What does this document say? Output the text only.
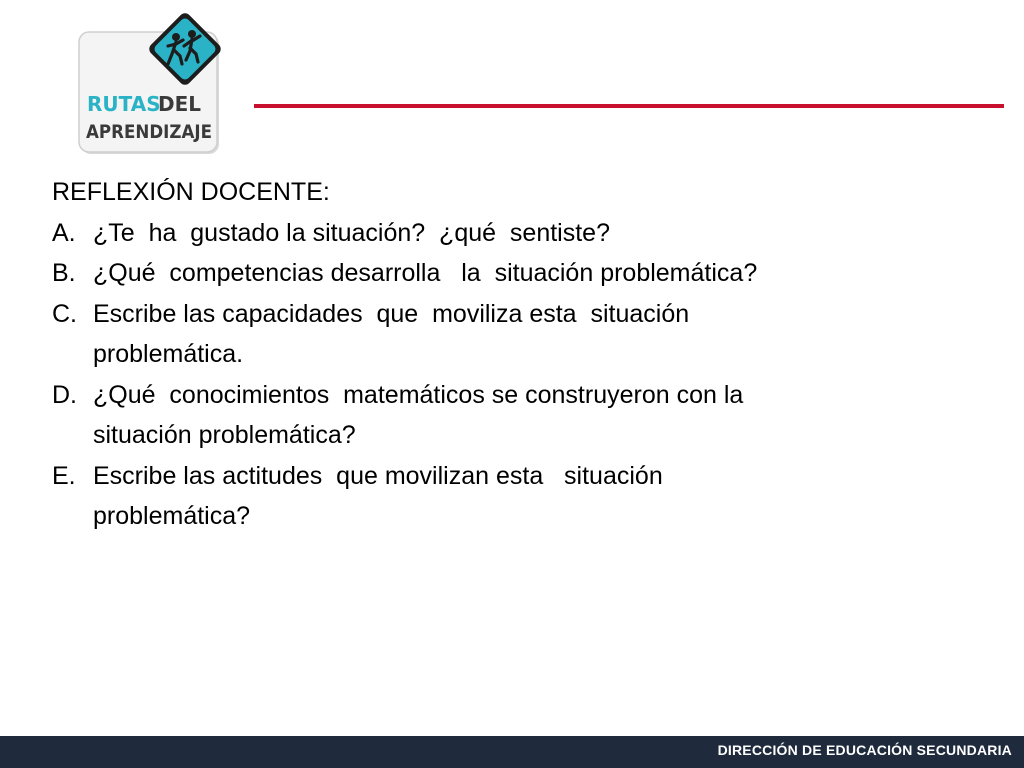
RUTAS
DEL
APRENDIZAJE
REFLEXIÓN DOCENTE:
A. ¿Te  ha  gustado la situación?  ¿qué  sentiste?
B. ¿Qué  competencias desarrolla   la  situación problemática?
C. Escribe las capacidades  que  moviliza esta  situación
problemática.
D. ¿Qué  conocimientos  matemáticos se construyeron con la
situación problemática?
E. Escribe las actitudes  que movilizan esta   situación
problemática?
DIRECCIÓN DE EDUCACIÓN SECUNDARIA
